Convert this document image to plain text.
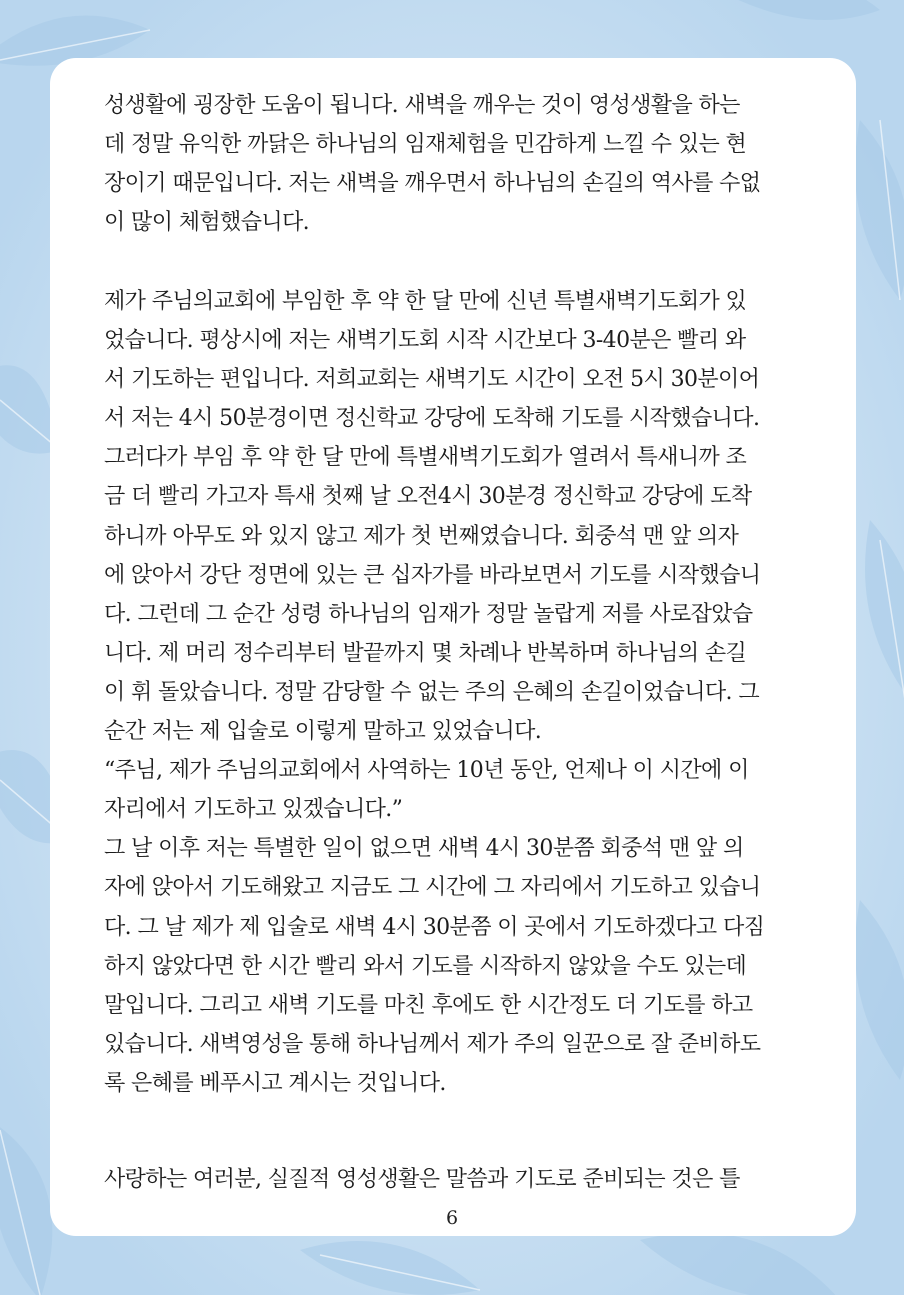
성생활에 굉장한 도움이 됩니다. 새벽을 깨우는 것이 영성생활을 하는
데 정말 유익한 까닭은 하나님의 임재체험을 민감하게 느낄 수 있는 현
장이기 때문입니다. 저는 새벽을 깨우면서 하나님의 손길의 역사를 수없
이 많이 체험했습니다.
제가 주님의교회에 부임한 후 약 한 달 만에 신년 특별새벽기도회가 있
었습니다. 평상시에 저는 새벽기도회 시작 시간보다 3-40분은 빨리 와
서 기도하는 편입니다. 저희교회는 새벽기도 시간이 오전 5시 30분이어
서 저는 4시 50분경이면 정신학교 강당에 도착해 기도를 시작했습니다.
그러다가 부임 후 약 한 달 만에 특별새벽기도회가 열려서 특새니까 조
금 더 빨리 가고자 특새 첫째 날 오전4시 30분경 정신학교 강당에 도착
하니까 아무도 와 있지 않고 제가 첫 번째였습니다. 회중석 맨 앞 의자
에 앉아서 강단 정면에 있는 큰 십자가를 바라보면서 기도를 시작했습니
다. 그런데 그 순간 성령 하나님의 임재가 정말 놀랍게 저를 사로잡았습
니다. 제 머리 정수리부터 발끝까지 몇 차례나 반복하며 하나님의 손길
이 휘 돌았습니다. 정말 감당할 수 없는 주의 은혜의 손길이었습니다. 그
순간 저는 제 입술로 이렇게 말하고 있었습니다.
“주님, 제가 주님의교회에서 사역하는 10년 동안, 언제나 이 시간에 이
자리에서 기도하고 있겠습니다.”
그 날 이후 저는 특별한 일이 없으면 새벽 4시 30분쯤 회중석 맨 앞 의
자에 앉아서 기도해왔고 지금도 그 시간에 그 자리에서 기도하고 있습니
다. 그 날 제가 제 입술로 새벽 4시 30분쯤 이 곳에서 기도하겠다고 다짐
하지 않았다면 한 시간 빨리 와서 기도를 시작하지 않았을 수도 있는데
말입니다. 그리고 새벽 기도를 마친 후에도 한 시간정도 더 기도를 하고
있습니다. 새벽영성을 통해 하나님께서 제가 주의 일꾼으로 잘 준비하도
록 은혜를 베푸시고 계시는 것입니다.
사랑하는 여러분, 실질적 영성생활은 말씀과 기도로 준비되는 것은 틀
6
